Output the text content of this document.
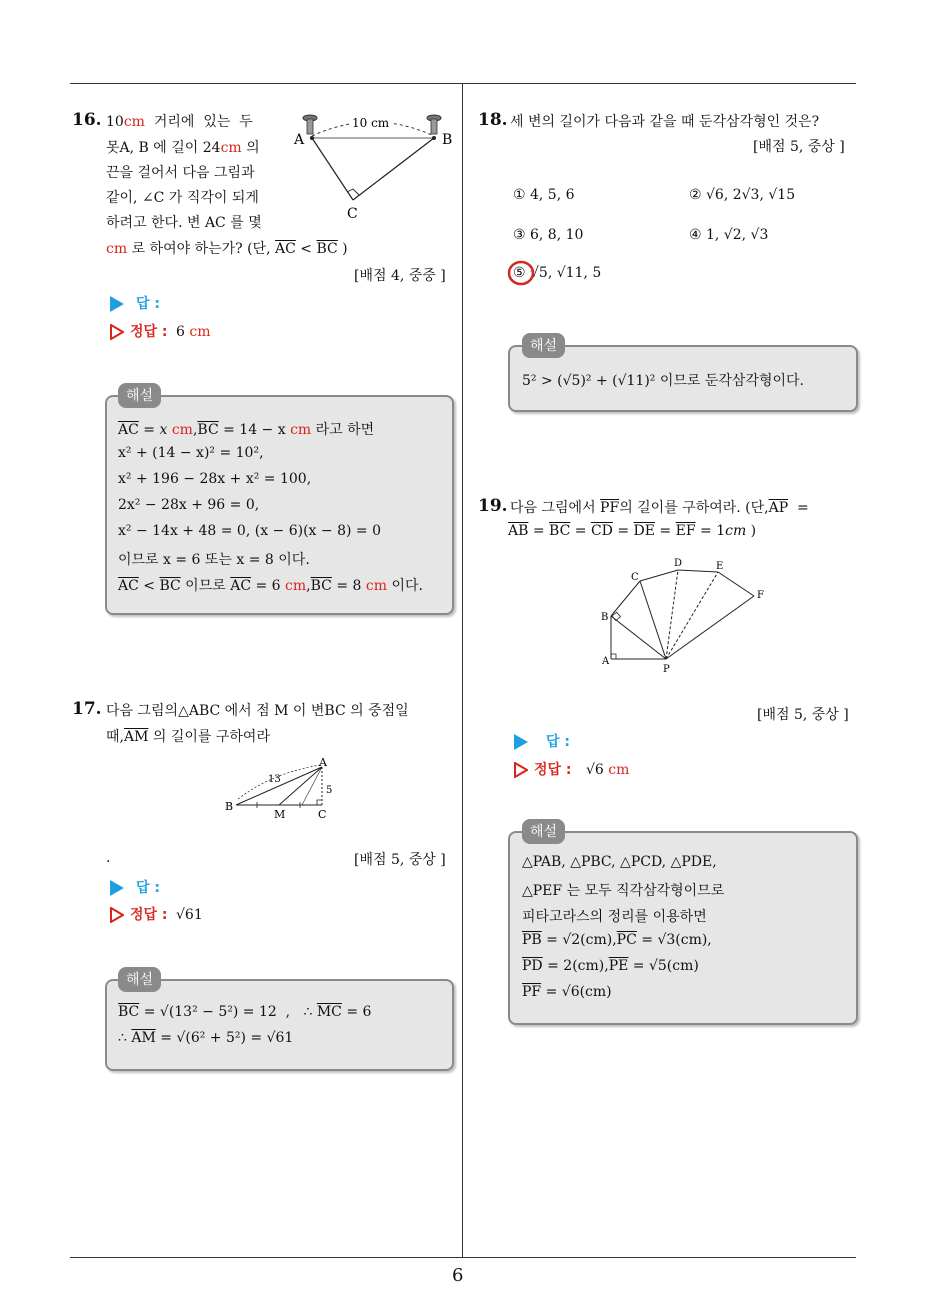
6
16. 10cm  거리에  있는  두
못A, B 에 길이 24cm 의
끈을 걸어서 다음 그림과
같이, ∠C 가 직각이 되게
하려고 한다. 변 AC 를 몇
cm 로 하여야 하는가? (단, $\overline{AC} < \overline{BC}$ )
10 cm
A	B
C
[배점 4, 중중 ]
답 :
정답 : 6 cm
해설
$\overline{AC} = x$ $cm,\overline{BC} = 14 - x$ cm 라고 하면
x² + (14 − x)² = 10²,
x² + 196 − 28x + x² = 100,
2x² − 28x + 96 = 0,
x² − 14x + 48 = 0, (x − 6)(x − 8) = 0
이므로 x = 6 또는 x = 8 이다.
$\overline{AC} < \overline{BC}$ 이므로 $\overline{AC} = 6$ $cm,\overline{BC} = 8$ cm 이다.
17. 다음 그림의△ABC 에서 점 M 이 변BC 의 중점일
때$,\overline{AM}$ 의 길이를 구하여라
13
5
A
B
M	C
.	[배점 5, 중상 ]
답 :
정답 : √61
해설
$\overline{BC} = √(13^2 - 5^2) = 12$  ,   ∴ $\overline{MC} = 6$
∴ $\overline{AM} = √(6^2 + 5^2) = √61$
18. 세 변의 길이가 다음과 같을 때 둔각삼각형인 것은?
[배점 5, 중상 ]
① 4, 5, 6	② √6, 2√3, √15
③ 6, 8, 10	④ 1, √2, √3
⑤ √5, √11, 5
해설
5² > (√5)² + (√11)² 이므로 둔각삼각형이다.
19. 다음 그림에서 $\overline{PF}$의 길이를 구하여라. (단$,\overline{AP}$  =
$\overline{AB} = \overline{BC} = \overline{CD} = \overline{DE} = \overline{EF} = 1cm$ )
A
B
C
D	E
F
P
[배점 5, 중상 ]
답 :
정답 : √6 cm
해설
△PAB, △PBC, △PCD, △PDE,
△PEF 는 모두 직각삼각형이므로
피타고라스의 정리를 이용하면
$\overline{PB} = √2(cm),\overline{PC} = √3(cm)$,
$\overline{PD} = 2(cm),\overline{PE} = √5(cm)$
$\overline{PF} = √6(cm)$
